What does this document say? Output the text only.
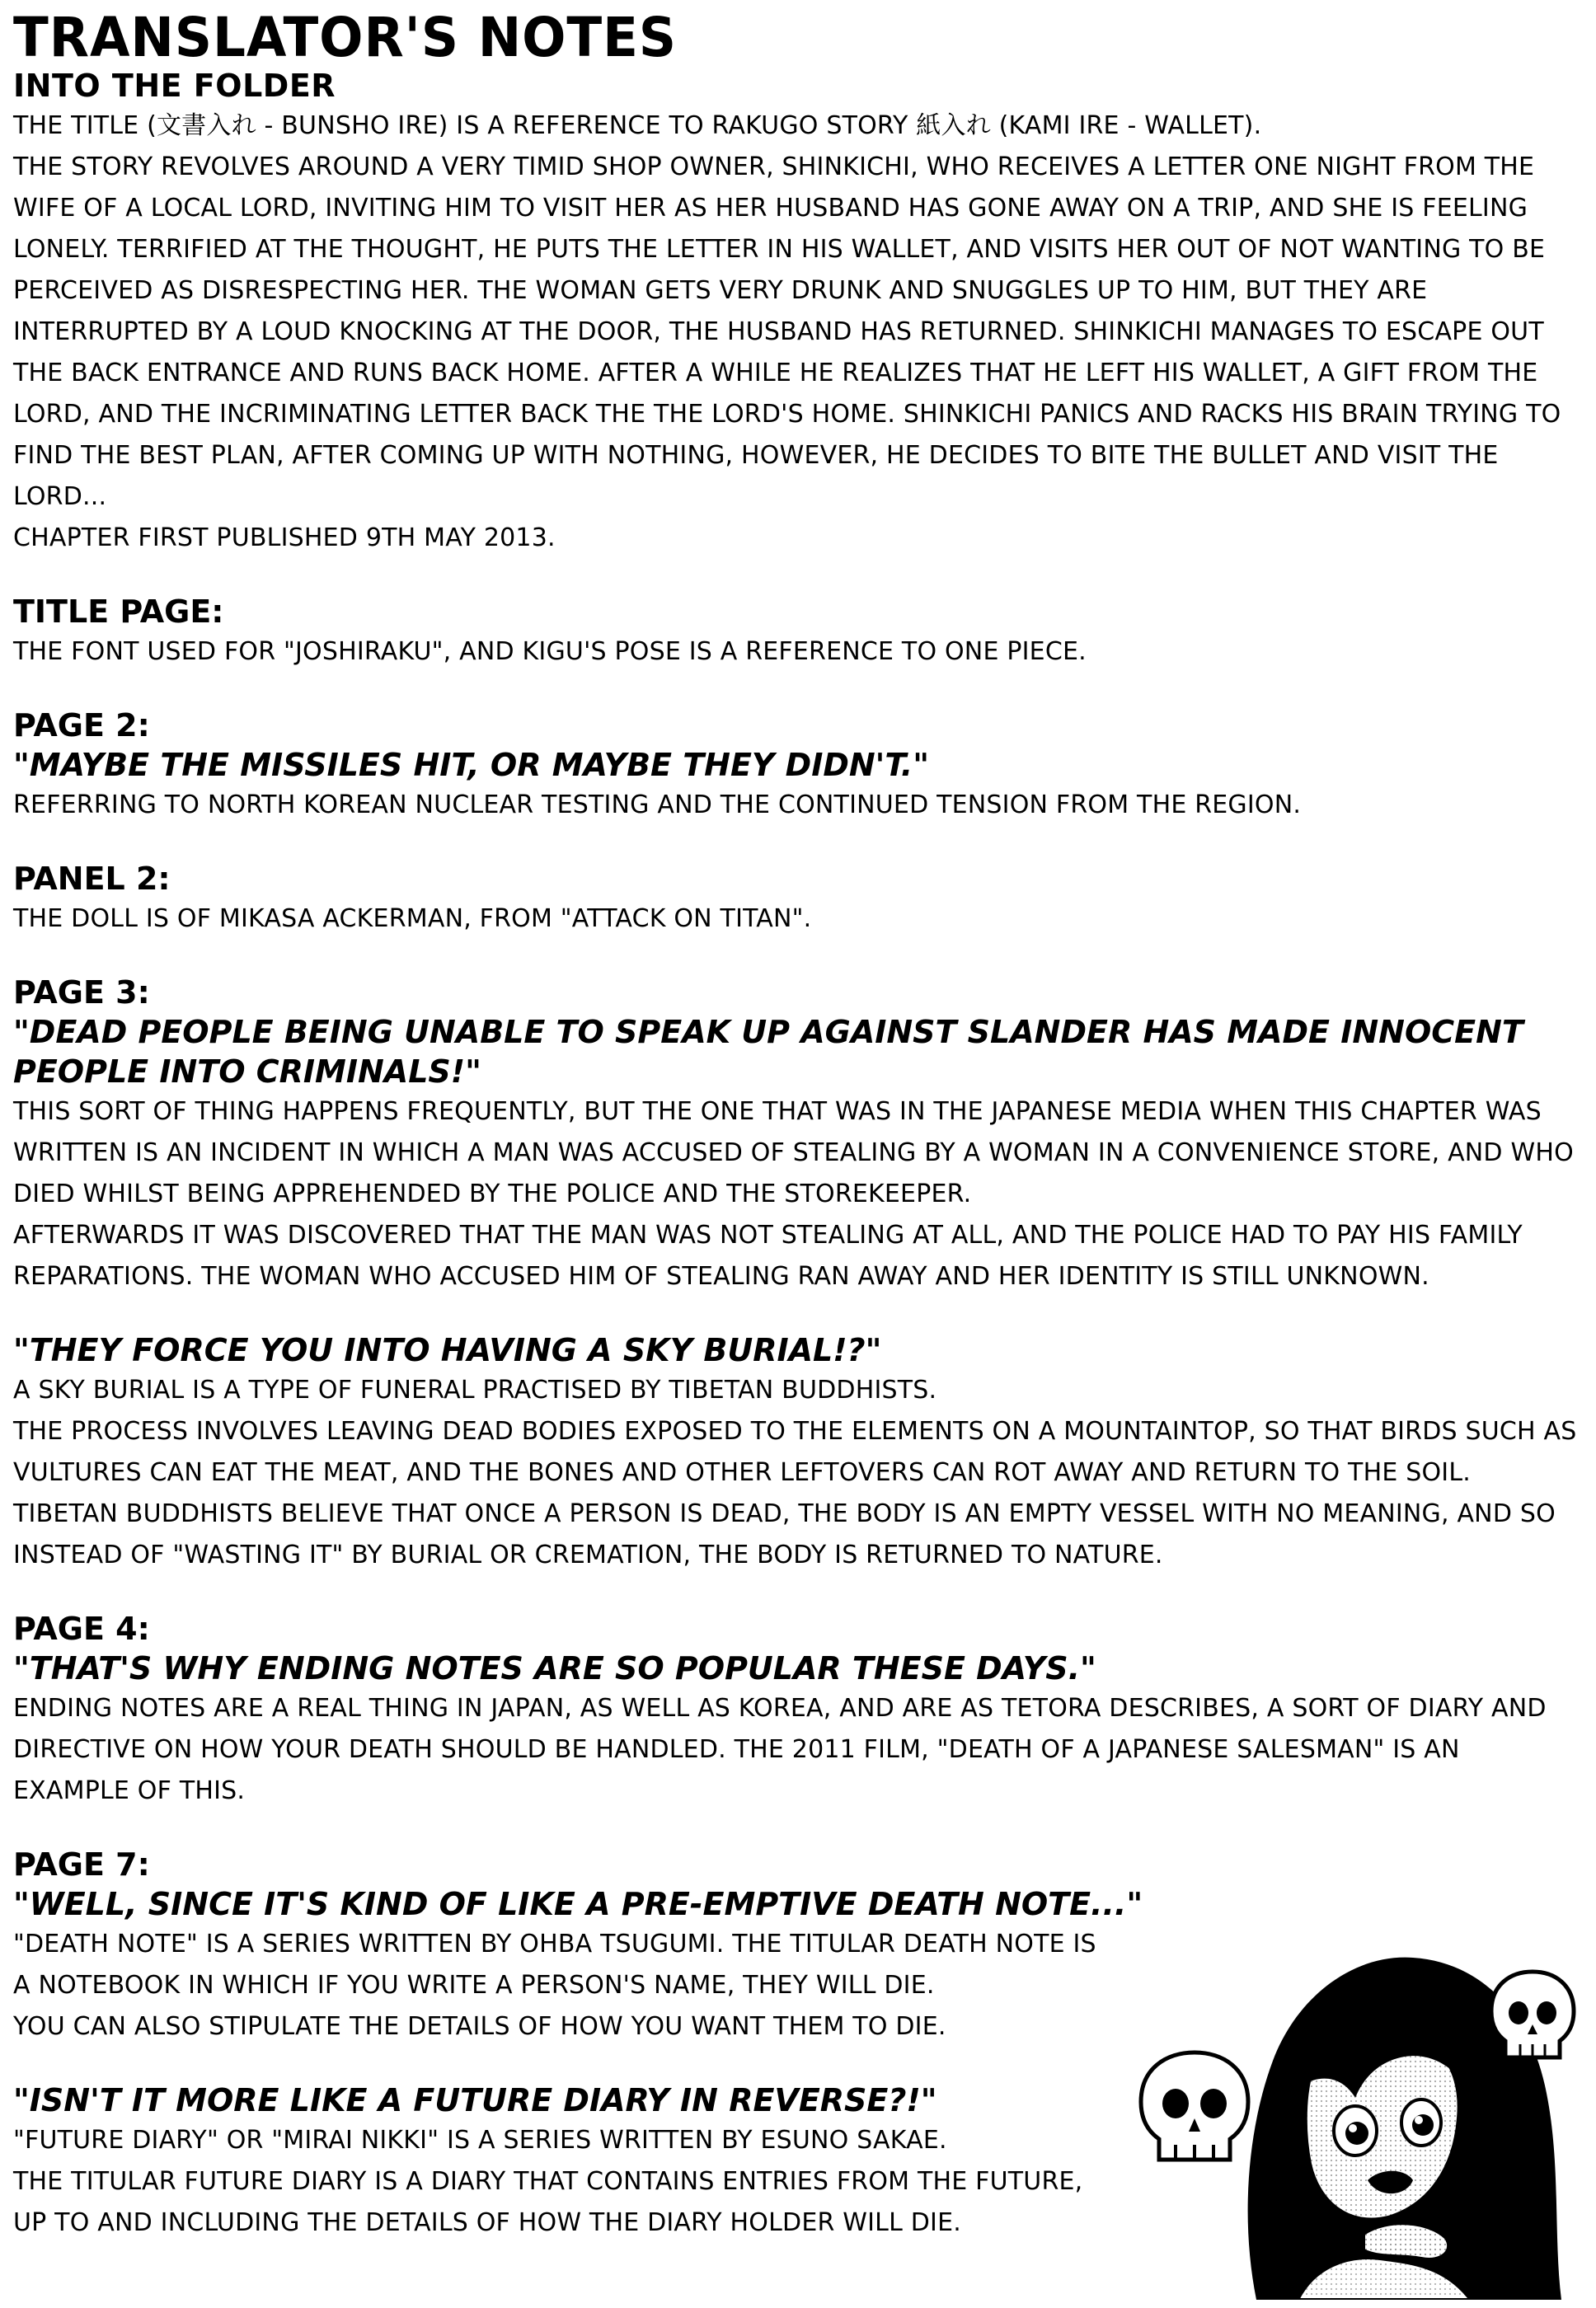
TRANSLATOR'S NOTES

INTO THE FOLDER

THE TITLE (文書入れ - BUNSHO IRE) IS A REFERENCE TO RAKUGO STORY 紙入れ (KAMI IRE - WALLET).

THE STORY REVOLVES AROUND A VERY TIMID SHOP OWNER, SHINKICHI, WHO RECEIVES A LETTER ONE NIGHT FROM THE WIFE OF A LOCAL LORD, INVITING HIM TO VISIT HER AS HER HUSBAND HAS GONE AWAY ON A TRIP, AND SHE IS FEELING LONELY. TERRIFIED AT THE THOUGHT, HE PUTS THE LETTER IN HIS WALLET, AND VISITS HER OUT OF NOT WANTING TO BE PERCEIVED AS DISRESPECTING HER. THE WOMAN GETS VERY DRUNK AND SNUGGLES UP TO HIM, BUT THEY ARE INTERRUPTED BY A LOUD KNOCKING AT THE DOOR, THE HUSBAND HAS RETURNED. SHINKICHI MANAGES TO ESCAPE OUT THE BACK ENTRANCE AND RUNS BACK HOME. AFTER A WHILE HE REALIZES THAT HE LEFT HIS WALLET, A GIFT FROM THE LORD, AND THE INCRIMINATING LETTER BACK THE THE LORD'S HOME. SHINKICHI PANICS AND RACKS HIS BRAIN TRYING TO FIND THE BEST PLAN, AFTER COMING UP WITH NOTHING, HOWEVER, HE DECIDES TO BITE THE BULLET AND VISIT THE LORD...

CHAPTER FIRST PUBLISHED 9TH MAY 2013.

TITLE PAGE:

THE FONT USED FOR "JOSHIRAKU", AND KIGU'S POSE IS A REFERENCE TO ONE PIECE.

PAGE 2:

"MAYBE THE MISSILES HIT, OR MAYBE THEY DIDN'T."

REFERRING TO NORTH KOREAN NUCLEAR TESTING AND THE CONTINUED TENSION FROM THE REGION.

PANEL 2:

THE DOLL IS OF MIKASA ACKERMAN, FROM "ATTACK ON TITAN".

PAGE 3:

"DEAD PEOPLE BEING UNABLE TO SPEAK UP AGAINST SLANDER HAS MADE INNOCENT PEOPLE INTO CRIMINALS!"

THIS SORT OF THING HAPPENS FREQUENTLY, BUT THE ONE THAT WAS IN THE JAPANESE MEDIA WHEN THIS CHAPTER WAS WRITTEN IS AN INCIDENT IN WHICH A MAN WAS ACCUSED OF STEALING BY A WOMAN IN A CONVENIENCE STORE, AND WHO DIED WHILST BEING APPREHENDED BY THE POLICE AND THE STOREKEEPER.

AFTERWARDS IT WAS DISCOVERED THAT THE MAN WAS NOT STEALING AT ALL, AND THE POLICE HAD TO PAY HIS FAMILY REPARATIONS. THE WOMAN WHO ACCUSED HIM OF STEALING RAN AWAY AND HER IDENTITY IS STILL UNKNOWN.

"THEY FORCE YOU INTO HAVING A SKY BURIAL!?"

A SKY BURIAL IS A TYPE OF FUNERAL PRACTISED BY TIBETAN BUDDHISTS.

THE PROCESS INVOLVES LEAVING DEAD BODIES EXPOSED TO THE ELEMENTS ON A MOUNTAINTOP, SO THAT BIRDS SUCH AS VULTURES CAN EAT THE MEAT, AND THE BONES AND OTHER LEFTOVERS CAN ROT AWAY AND RETURN TO THE SOIL.

TIBETAN BUDDHISTS BELIEVE THAT ONCE A PERSON IS DEAD, THE BODY IS AN EMPTY VESSEL WITH NO MEANING, AND SO INSTEAD OF "WASTING IT" BY BURIAL OR CREMATION, THE BODY IS RETURNED TO NATURE.

PAGE 4:

"THAT'S WHY ENDING NOTES ARE SO POPULAR THESE DAYS."

ENDING NOTES ARE A REAL THING IN JAPAN, AS WELL AS KOREA, AND ARE AS TETORA DESCRIBES, A SORT OF DIARY AND DIRECTIVE ON HOW YOUR DEATH SHOULD BE HANDLED. THE 2011 FILM, "DEATH OF A JAPANESE SALESMAN" IS AN EXAMPLE OF THIS.

PAGE 7:

"WELL, SINCE IT'S KIND OF LIKE A PRE-EMPTIVE DEATH NOTE..."

"DEATH NOTE" IS A SERIES WRITTEN BY OHBA TSUGUMI. THE TITULAR DEATH NOTE IS

A NOTEBOOK IN WHICH IF YOU WRITE A PERSON'S NAME, THEY WILL DIE.

YOU CAN ALSO STIPULATE THE DETAILS OF HOW YOU WANT THEM TO DIE.

"ISN'T IT MORE LIKE A FUTURE DIARY IN REVERSE?!"

"FUTURE DIARY" OR "MIRAI NIKKI" IS A SERIES WRITTEN BY ESUNO SAKAE.

THE TITULAR FUTURE DIARY IS A DIARY THAT CONTAINS ENTRIES FROM THE FUTURE,

UP TO AND INCLUDING THE DETAILS OF HOW THE DIARY HOLDER WILL DIE.
